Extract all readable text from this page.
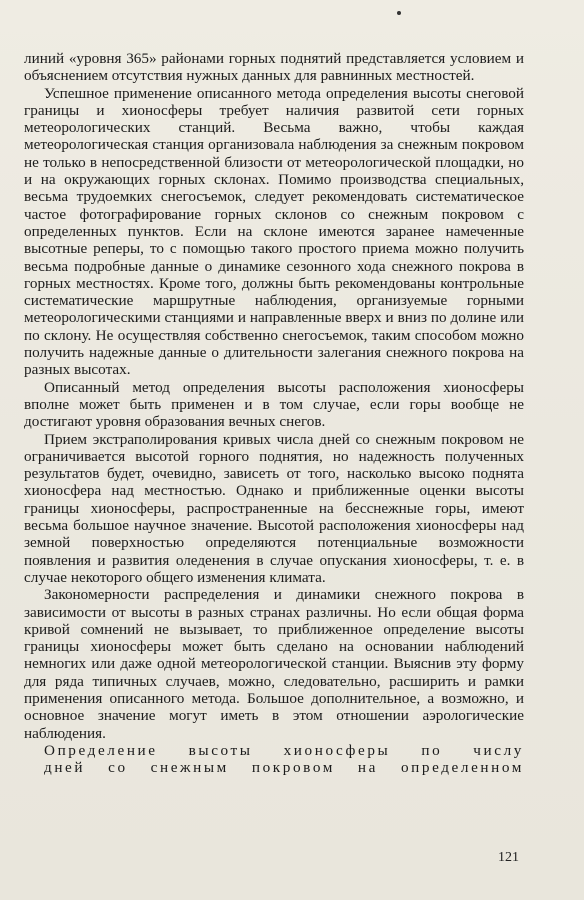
линий «уровня 365» районами горных поднятий представляется условием и объяснением отсутствия нужных данных для равнинных местностей.

Успешное применение описанного метода определения высоты снеговой границы и хионосферы требует наличия развитой сети горных метеорологических станций. Весьма важно, чтобы каждая метеорологическая станция организовала наблюдения за снежным покровом не только в непосредственной близости от метеорологической площадки, но и на окружающих горных склонах. Помимо производства специальных, весьма трудоемких снегосъемок, следует рекомендовать систематическое частое фотографирование горных склонов со снежным покровом с определенных пунктов. Если на склоне имеются заранее намеченные высотные реперы, то с помощью такого простого приема можно получить весьма подробные данные о динамике сезонного хода снежного покрова в горных местностях. Кроме того, должны быть рекомендованы контрольные систематические маршрутные наблюдения, организуемые горными метеорологическими станциями и направленные вверх и вниз по долине или по склону. Не осуществляя собственно снегосъемок, таким способом можно получить надежные данные о длительности залегания снежного покрова на разных высотах.

Описанный метод определения высоты расположения хионосферы вполне может быть применен и в том случае, если горы вообще не достигают уровня образования вечных снегов.

Прием экстраполирования кривых числа дней со снежным покровом не ограничивается высотой горного поднятия, но надежность полученных результатов будет, очевидно, зависеть от того, насколько высоко поднята хионосфера над местностью. Однако и приближенные оценки высоты границы хионосферы, распространенные на бесснежные горы, имеют весьма большое научное значение. Высотой расположения хионосферы над земной поверхностью определяются потенциальные возможности появления и развития оледенения в случае опускания хионосферы, т. е. в случае некоторого общего изменения климата.

Закономерности распределения и динамики снежного покрова в зависимости от высоты в разных странах различны. Но если общая форма кривой сомнений не вызывает, то приближенное определение высоты границы хионосферы может быть сделано на основании наблюдений немногих или даже одной метеорологической станции. Выяснив эту форму для ряда типичных случаев, можно, следовательно, расширить и рамки применения описанного метода. Большое дополнительное, а возможно, и основное значение могут иметь в этом отношении аэрологические наблюдения.

Определение высоты хионосферы по числу
дней со снежным покровом на определенном

121
